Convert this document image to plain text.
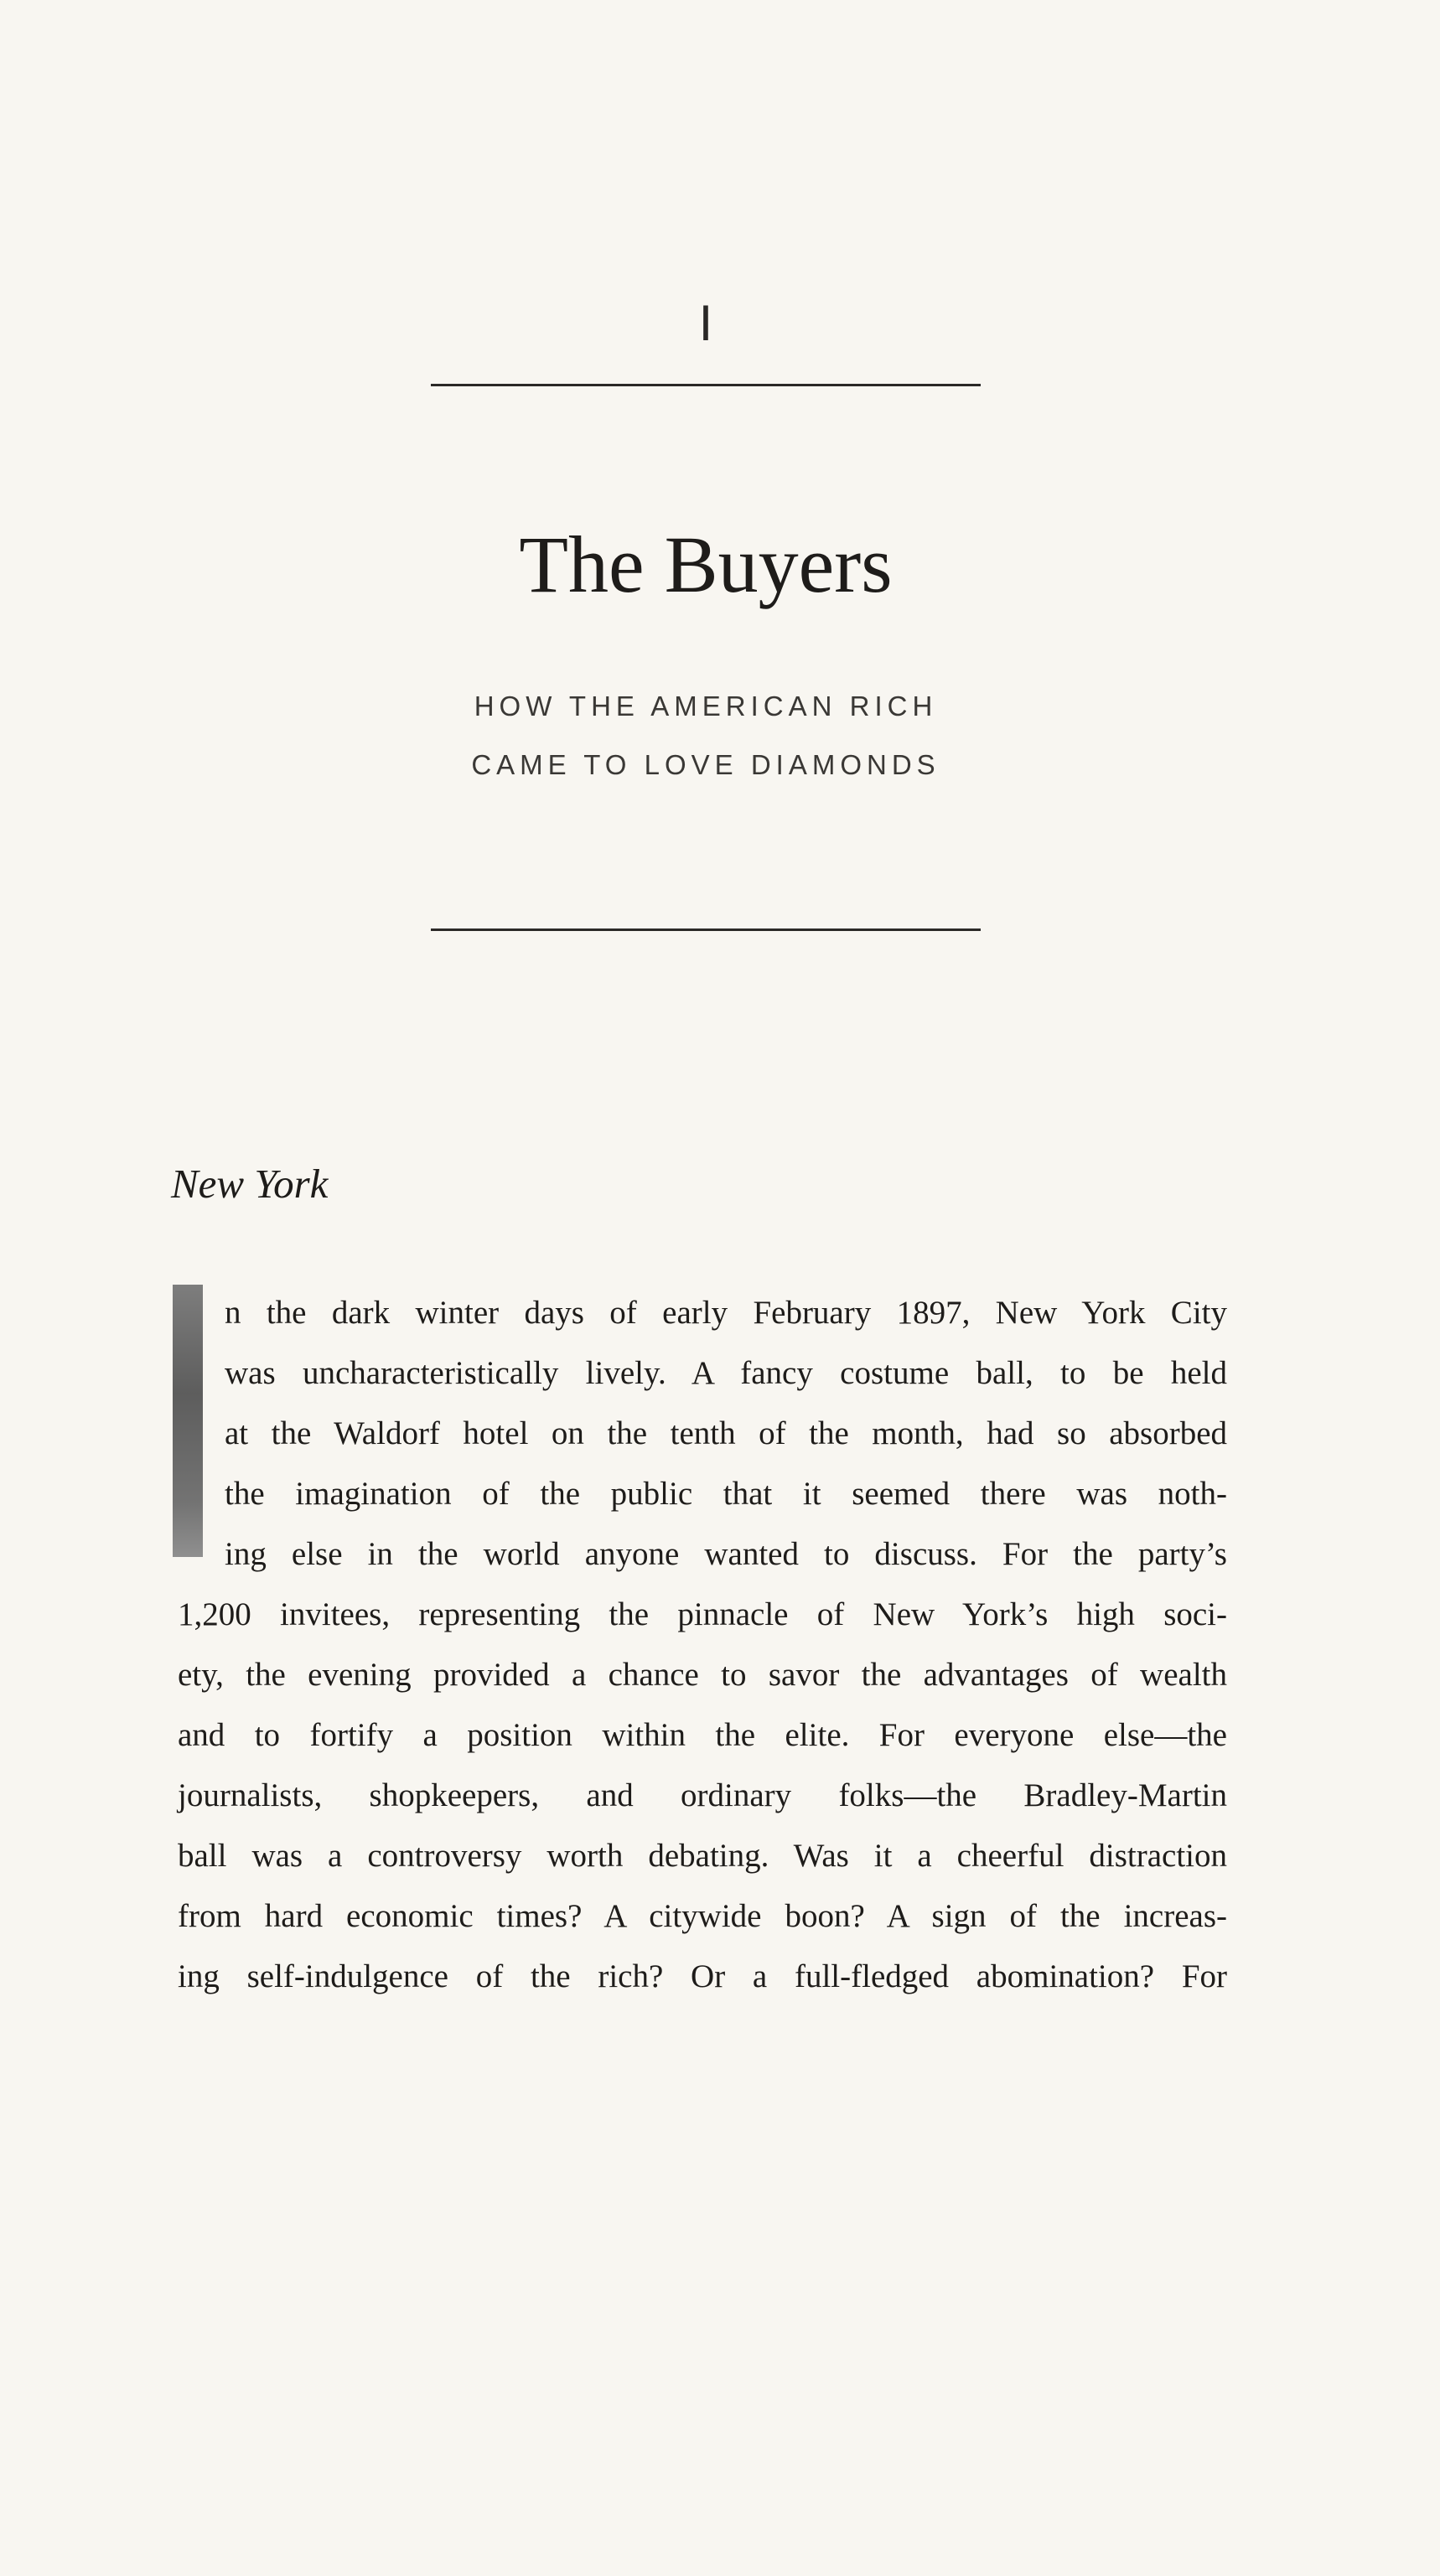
I
The Buyers
HOW THE AMERICAN RICH
CAME TO LOVE DIAMONDS
New York
n the dark winter days of early February 1897, New York City
was uncharacteristically lively. A fancy costume ball, to be held
at the Waldorf hotel on the tenth of the month, had so absorbed
the imagination of the public that it seemed there was noth-
ing else in the world anyone wanted to discuss. For the party’s
1,200 invitees, representing the pinnacle of New York’s high soci-
ety, the evening provided a chance to savor the advantages of wealth
and to fortify a position within the elite. For everyone else—the
journalists, shopkeepers, and ordinary folks—the Bradley-Martin
ball was a controversy worth debating. Was it a cheerful distraction
from hard economic times? A citywide boon? A sign of the increas-
ing self-indulgence of the rich? Or a full-fledged abomination? For
